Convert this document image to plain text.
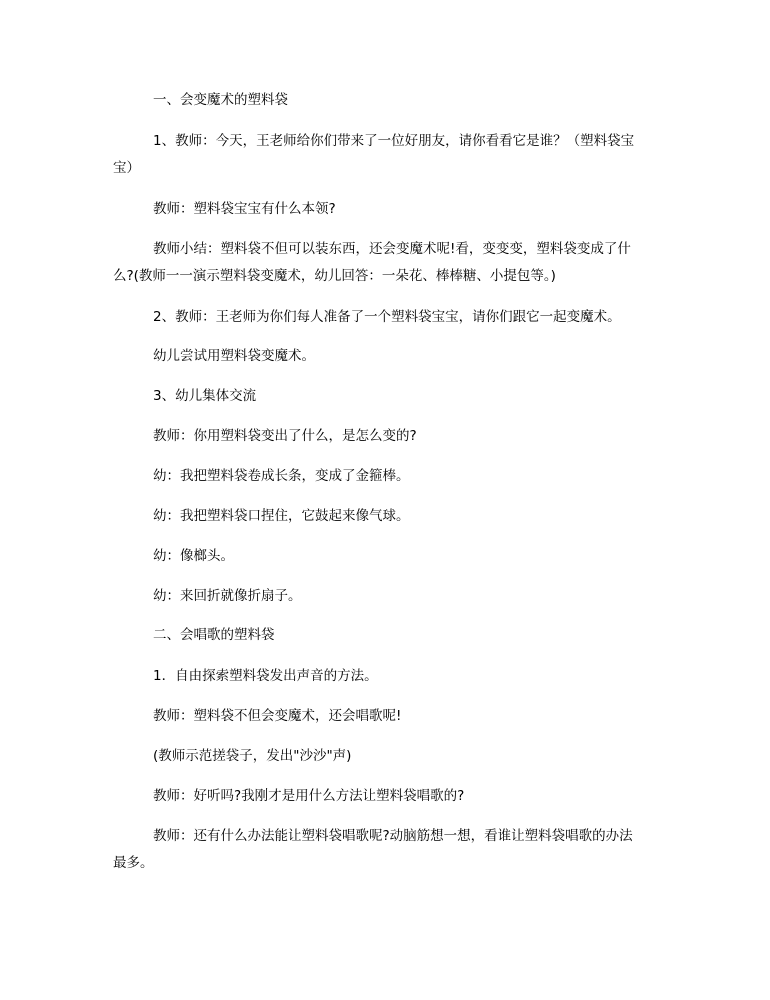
一、会变魔术的塑料袋

1、教师：今天，王老师给你们带来了一位好朋友，请你看看它是谁？（塑料袋宝
宝）

教师：塑料袋宝宝有什么本领?

教师小结：塑料袋不但可以装东西，还会变魔术呢!看，变变变，塑料袋变成了什
么?(教师一一演示塑料袋变魔术，幼儿回答：一朵花、棒棒糖、小提包等。)

2、教师：王老师为你们每人准备了一个塑料袋宝宝，请你们跟它一起变魔术。

幼儿尝试用塑料袋变魔术。

3、幼儿集体交流

教师：你用塑料袋变出了什么，是怎么变的?

幼：我把塑料袋卷成长条，变成了金箍棒。

幼：我把塑料袋口捏住，它鼓起来像气球。

幼：像榔头。

幼：来回折就像折扇子。

二、会唱歌的塑料袋

1．自由探索塑料袋发出声音的方法。

教师：塑料袋不但会变魔术，还会唱歌呢!

(教师示范搓袋子，发出"沙沙"声)

教师：好听吗?我刚才是用什么方法让塑料袋唱歌的?

教师：还有什么办法能让塑料袋唱歌呢?动脑筋想一想，看谁让塑料袋唱歌的办法
最多。
